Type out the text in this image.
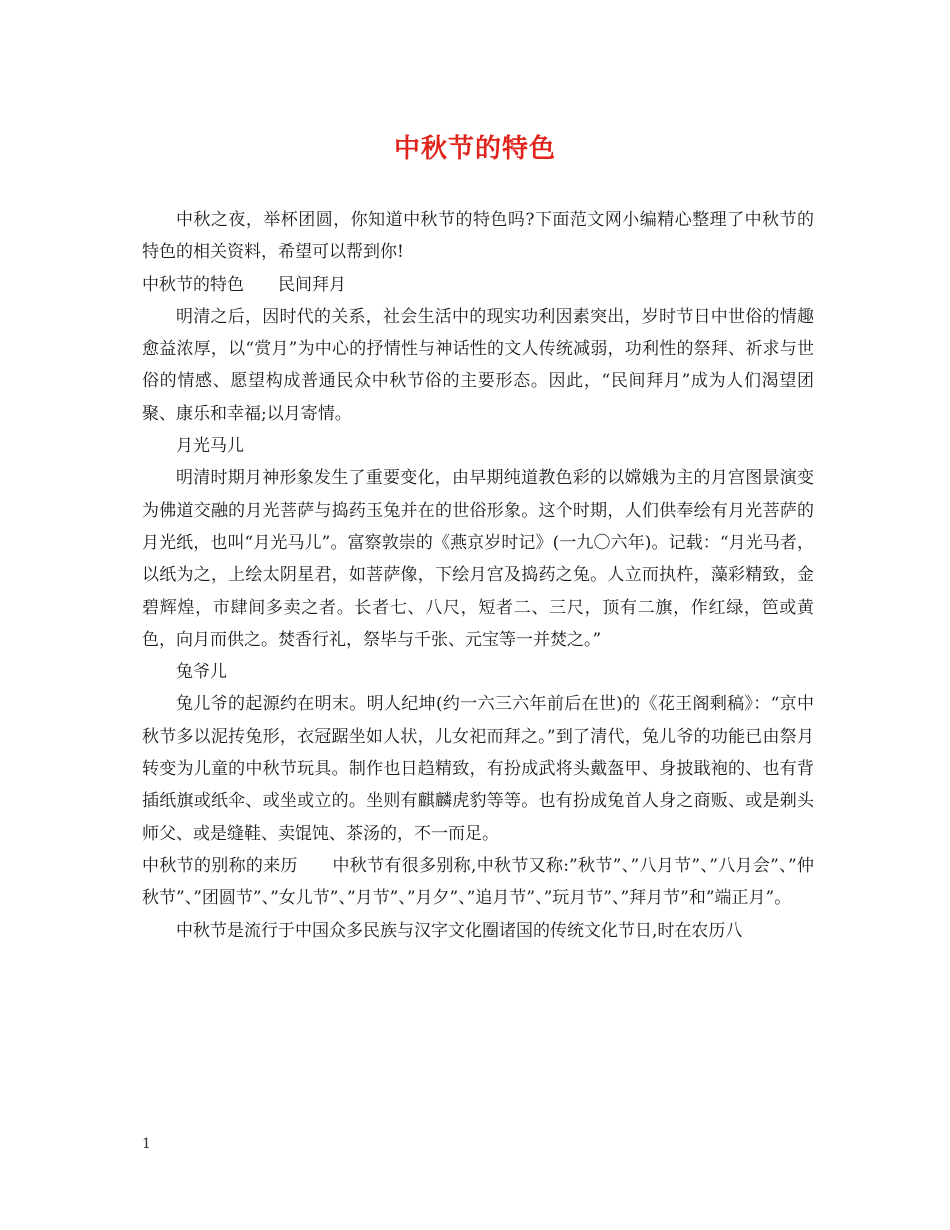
中秋节的特色

中秋之夜，举杯团圆，你知道中秋节的特色吗?下面范文网小编精心整理了中秋节的特色的相关资料，希望可以帮到你!

中秋节的特色　　民间拜月

明清之后，因时代的关系，社会生活中的现实功利因素突出，岁时节日中世俗的情趣愈益浓厚，以“赏月”为中心的抒情性与神话性的文人传统减弱，功利性的祭拜、祈求与世俗的情感、愿望构成普通民众中秋节俗的主要形态。因此，“民间拜月”成为人们渴望团聚、康乐和幸福;以月寄情。

月光马儿

明清时期月神形象发生了重要变化，由早期纯道教色彩的以嫦娥为主的月宫图景演变为佛道交融的月光菩萨与捣药玉兔并在的世俗形象。这个时期，人们供奉绘有月光菩萨的月光纸，也叫“月光马儿”。富察敦崇的《燕京岁时记》(一九〇六年)。记载：“月光马者，以纸为之，上绘太阴星君，如菩萨像，下绘月宫及捣药之兔。人立而执杵，藻彩精致，金碧辉煌，市肆间多卖之者。长者七、八尺，短者二、三尺，顶有二旗，作红绿，笆或黄色，向月而供之。焚香行礼，祭毕与千张、元宝等一并焚之。”

兔爷儿

兔儿爷的起源约在明末。明人纪坤(约一六三六年前后在世)的《花王阁剩稿》：“京中秋节多以泥抟兔形，衣冠踞坐如人状，儿女祀而拜之。”到了清代，兔儿爷的功能已由祭月转变为儿童的中秋节玩具。制作也日趋精致，有扮成武将头戴盔甲、身披戢袍的、也有背插纸旗或纸伞、或坐或立的。坐则有麒麟虎豹等等。也有扮成兔首人身之商贩、或是剃头师父、或是缝鞋、卖馄饨、茶汤的，不一而足。

中秋节的别称的来历　　中秋节有很多别称,中秋节又称:”秋节”、”八月节”、”八月会”、”仲秋节”、”团圆节”、”女儿节”、”月节”、”月夕”、”追月节”、”玩月节”、”拜月节”和”端正月”。

中秋节是流行于中国众多民族与汉字文化圈诸国的传统文化节日,时在农历八

1
